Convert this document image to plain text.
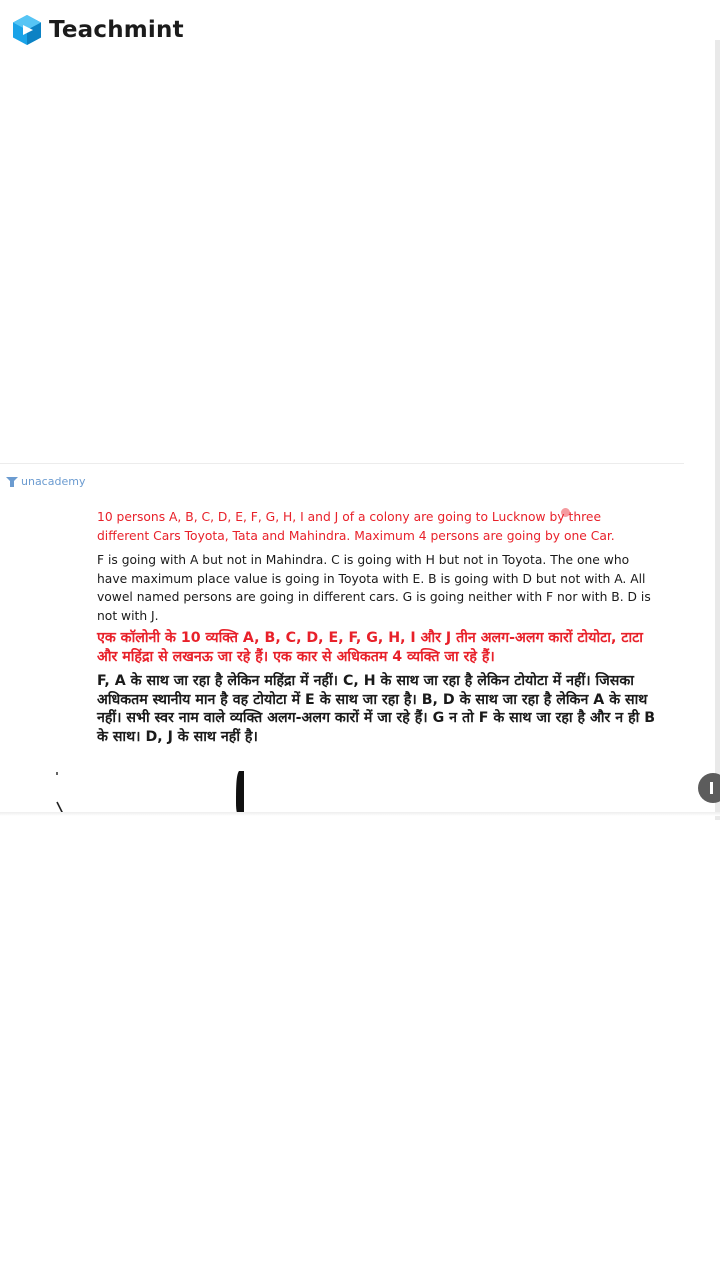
Teachmint
unacademy

10 persons A, B, C, D, E, F, G, H, I and J of a colony are going to Lucknow by three different Cars Toyota, Tata and Mahindra. Maximum 4 persons are going by one Car.

F is going with A but not in Mahindra. C is going with H but not in Toyota. The one who have maximum place value is going in Toyota with E. B is going with D but not with A. All vowel named persons are going in different cars. G is going neither with F nor with B. D is not with J.

एक कॉलोनी के 10 व्यक्ति A, B, C, D, E, F, G, H, I और J तीन अलग-अलग कारों टोयोटा, टाटा और महिंद्रा से लखनऊ जा रहे हैं। एक कार से अधिकतम 4 व्यक्ति जा रहे हैं।

F, A के साथ जा रहा है लेकिन महिंद्रा में नहीं। C, H के साथ जा रहा है लेकिन टोयोटा में नहीं। जिसका अधिकतम स्थानीय मान है वह टोयोटा में E के साथ जा रहा है। B, D के साथ जा रहा है लेकिन A के साथ नहीं। सभी स्वर नाम वाले व्यक्ति अलग-अलग कारों में जा रहे हैं। G न तो F के साथ जा रहा है और न ही B के साथ। D, J के साथ नहीं है।
